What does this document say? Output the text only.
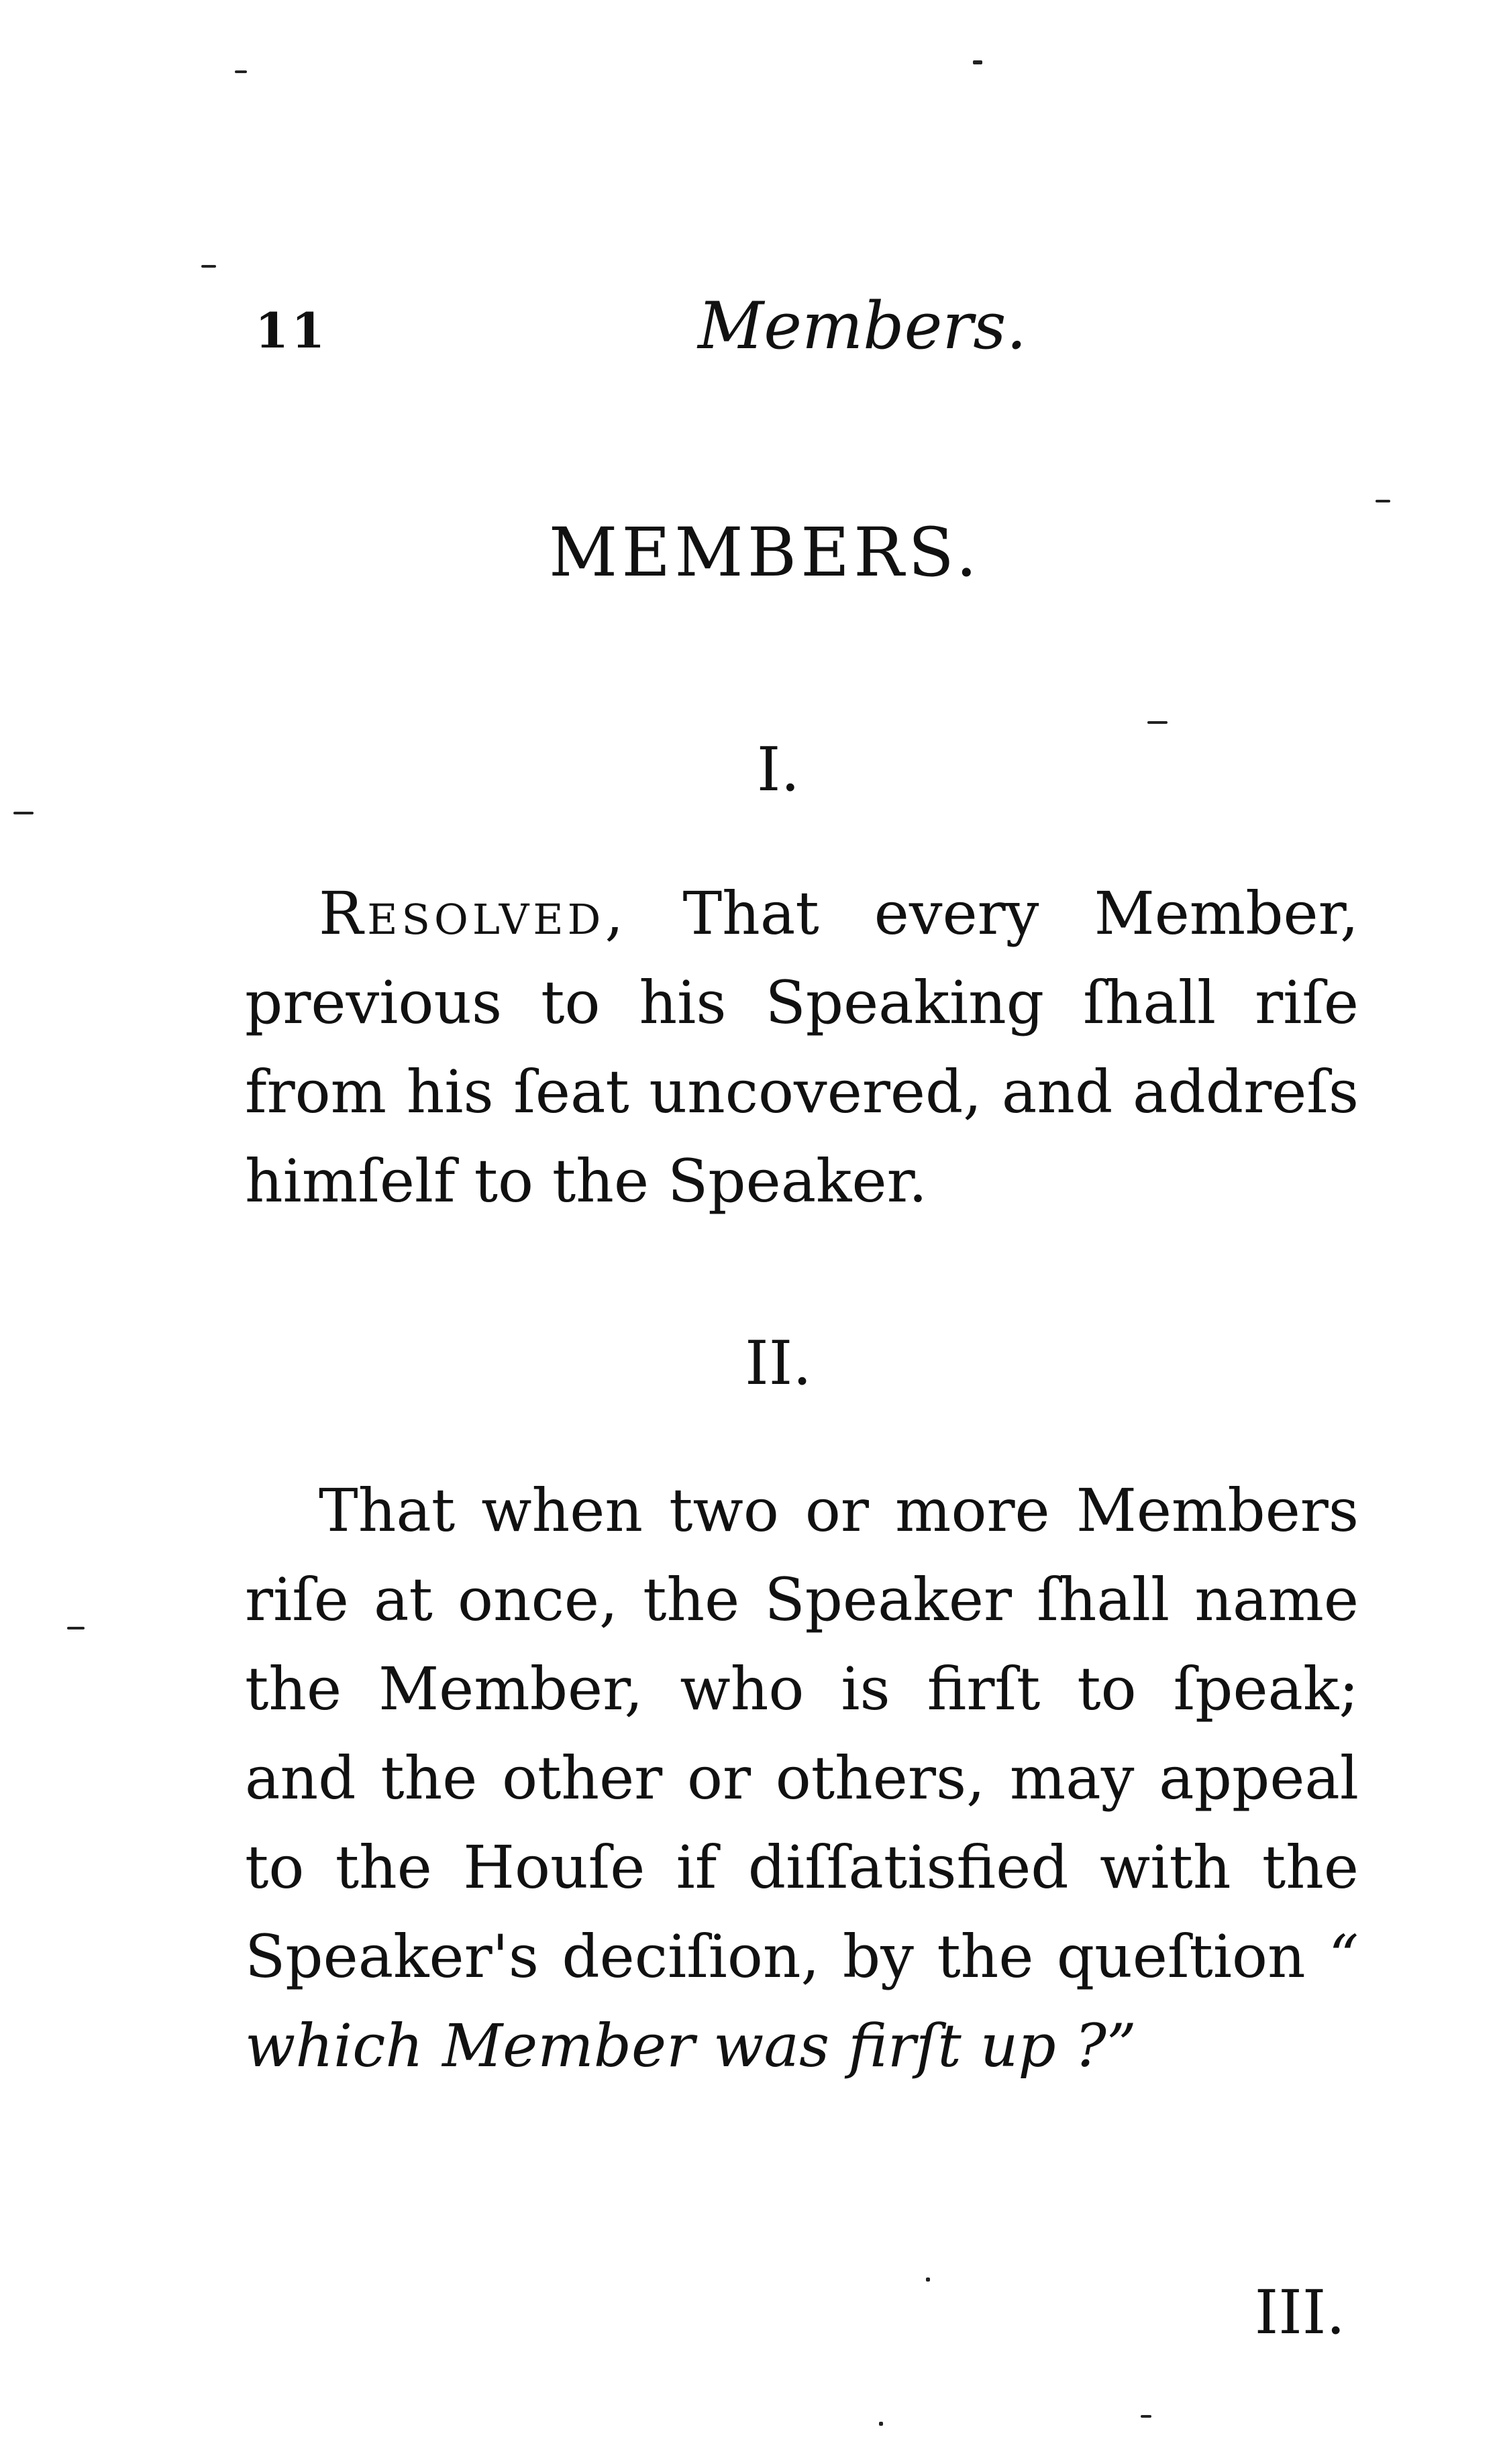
11	Members.
MEMBERS.
I.
Resolved, That every Member, previous to his Speaking ſhall riſe from his ſeat uncovered, and addreſs himſelf to the Speaker.
II.
That when two or more Members riſe at once, the Speaker ſhall name the Member, who is firſt to ſpeak; and the other or others, may appeal to the Houſe if diſſatisfied with the Speaker's deciſion, by the queſtion “ which Member was firſt up ?”
III.
